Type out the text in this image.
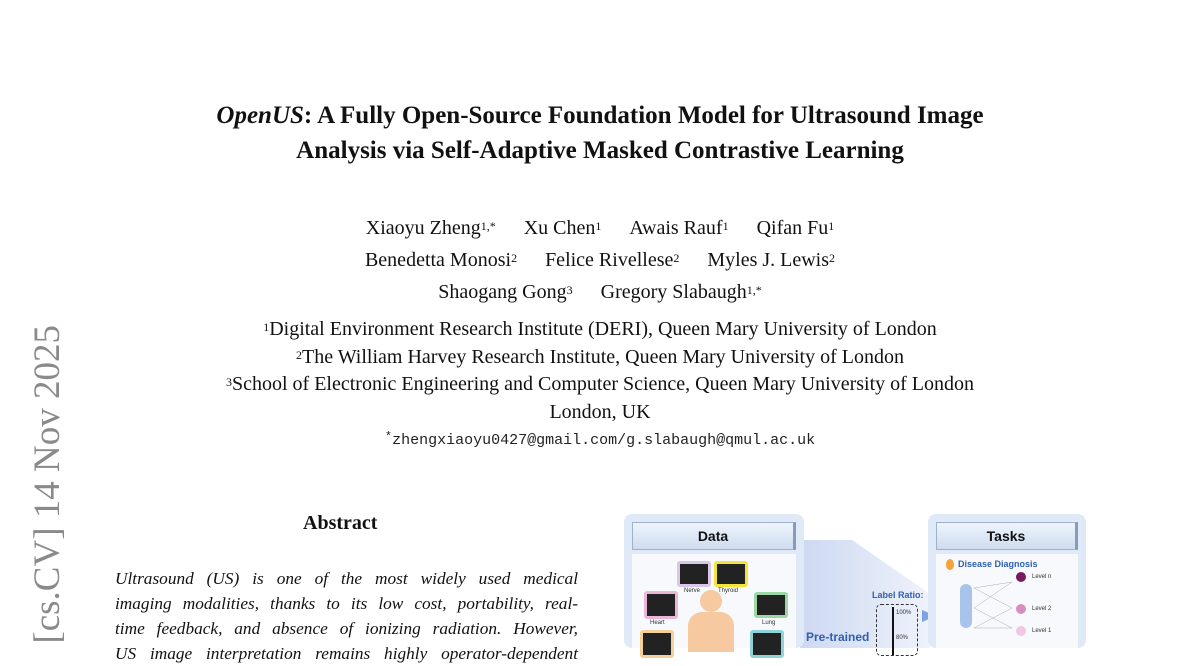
[cs.CV] 14 Nov 2025
OpenUS: A Fully Open-Source Foundation Model for Ultrasound Image
Analysis via Self-Adaptive Masked Contrastive Learning
Xiaoyu Zheng$^{1,*}$ Xu Chen$^1$ Awais Rauf$^1$ Qifan Fu$^1$
Benedetta Monosi$^2$ Felice Rivellese$^2$ Myles J. Lewis$^2$
Shaogang Gong$^3$ Gregory Slabaugh$^{1,*}$
$^1$Digital Environment Research Institute (DERI), Queen Mary University of London
$^2$The William Harvey Research Institute, Queen Mary University of London
$^3$School of Electronic Engineering and Computer Science, Queen Mary University of London
London, UK
*zhengxiaoyu0427@gmail.com/g.slabaugh@qmul.ac.uk
Abstract

Ultrasound (US) is one of the most widely used medical

imaging modalities, thanks to its low cost, portability, real-

time feedback, and absence of ionizing radiation. However,

US image interpretation remains highly operator-dependent

Data
Nerve	Thyroid
Heart	Lung
Label Ratio:
100%
80%
Pre-trained
Tasks
Disease Diagnosis
Level n
Level 2
Level 1
